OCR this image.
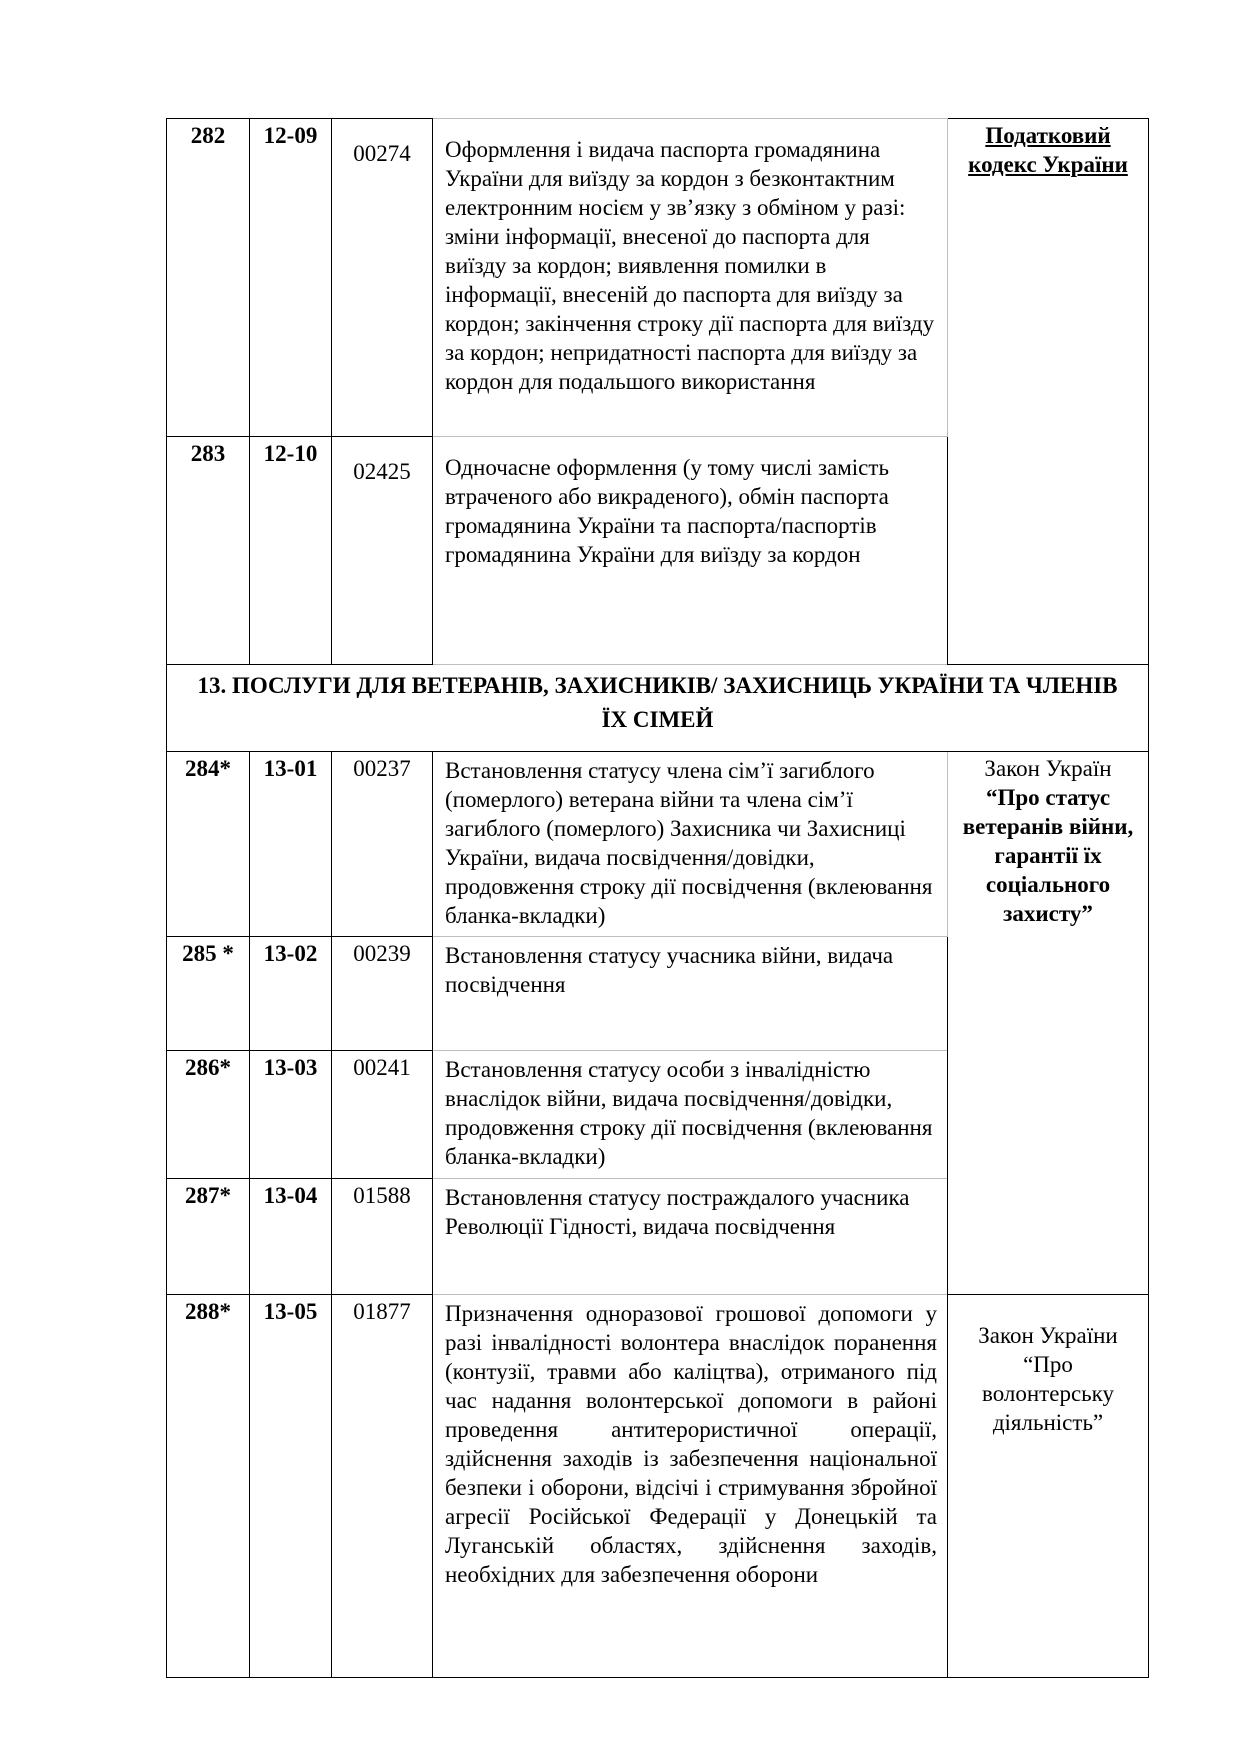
282	12-09	00274	Оформлення і видача паспорта громадянина України для виїзду за кордон з безконтактним електронним носієм у зв’язку з обміном у разі: зміни інформації, внесеної до паспорта для виїзду за кордон; виявлення помилки в інформації, внесеній до паспорта для виїзду за кордон; закінчення строку дії паспорта для виїзду за кордон; непридатності паспорта для виїзду за кордон для подальшого використання	Податковий кодекс України
283	12-10	02425	Одночасне оформлення (у тому числі замість втраченого або викраденого), обмін паспорта громадянина України та паспорта/паспортів громадянина України для виїзду за кордон	
13. ПОСЛУГИ ДЛЯ ВЕТЕРАНІВ, ЗАХИСНИКІВ/ ЗАХИСНИЦЬ УКРАЇНИ ТА ЧЛЕНІВ ЇХ СІМЕЙ				
284*	13-01	00237	Встановлення статусу члена сім’ї загиблого (померлого) ветерана війни та члена сім’ї загиблого (померлого) Захисника чи Захисниці України, видача посвідчення/довідки, продовження строку дії посвідчення (вклеювання бланка-вкладки)	Закон Україн “Про статус ветеранів війни, гарантії їх соціального захисту”
285 *	13-02	00239	Встановлення статусу учасника війни, видача посвідчення	
286*	13-03	00241	Встановлення статусу особи з інвалідністю внаслідок війни, видача посвідчення/довідки, продовження строку дії посвідчення (вклеювання бланка-вкладки)	
287*	13-04	01588	Встановлення статусу постраждалого учасника Революції Гідності, видача посвідчення	
288*	13-05	01877	Призначення одноразової грошової допомоги у разі інвалідності волонтера внаслідок поранення (контузії, травми або каліцтва), отриманого під час надання волонтерської допомоги в районі проведення антитерористичної операції, здійснення заходів із забезпечення національної безпеки і оборони, відсічі і стримування збройної агресії Російської Федерації у Донецькій та Луганській областях, здійснення заходів, необхідних для забезпечення оборони	Закон України “Про волонтерську діяльність”
